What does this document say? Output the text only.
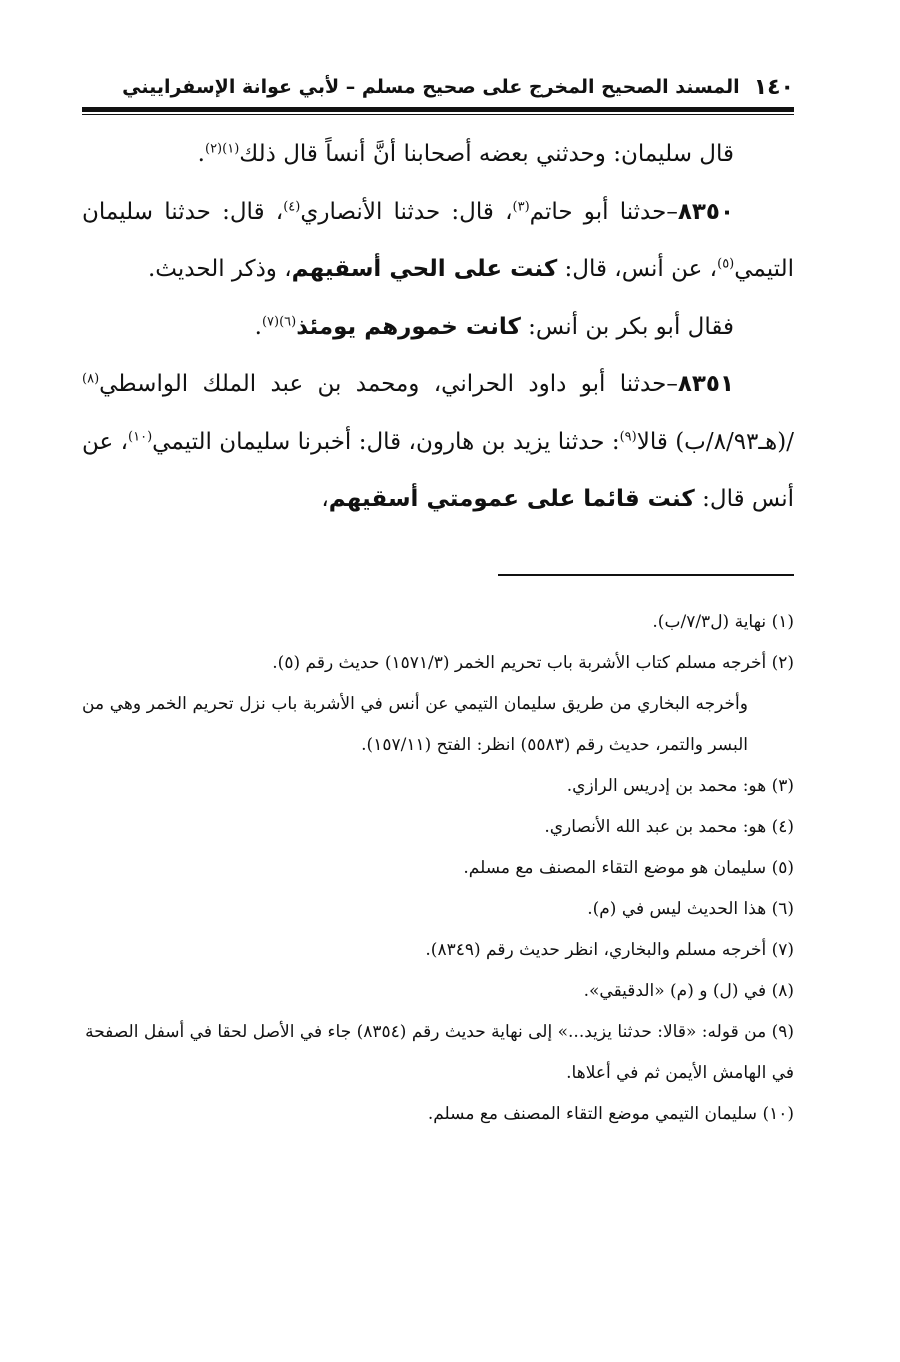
١٤٠
المسند الصحيح المخرج على صحيح مسلم – لأبي عوانة الإسفراييني

قال سليمان: وحدثني بعضه أصحابنا أنَّ أنساً قال ذلك$^{(١)(٢)}$.

٨٣٥٠–حدثنا أبو حاتم$^{(٣)}$، قال: حدثنا الأنصاري$^{(٤)}$، قال: حدثنا سليمان التيمي$^{(٥)}$، عن أنس، قال: كنت على الحي أسقيهم، وذكر الحديث.

فقال أبو بكر بن أنس: كانت خمورهم يومئذ$^{(٦)(٧)}$.

٨٣٥١–حدثنا أبو داود الحراني، ومحمد بن عبد الملك الواسطي$^{(٨)}$ /(هـ٨/٩٣/ب) قالا$^{(٩)}$: حدثنا يزيد بن هارون، قال: أخبرنا سليمان التيمي$^{(١٠)}$، عن أنس قال: كنت قائما على عمومتي أسقيهم،

(١) نهاية (ل٧/٣/ب).

(٢) أخرجه مسلم كتاب الأشربة باب تحريم الخمر (١٥٧١/٣) حديث رقم (٥).

وأخرجه البخاري من طريق سليمان التيمي عن أنس في الأشربة باب نزل تحريم الخمر وهي من البسر والتمر، حديث رقم (٥٥٨٣) انظر: الفتح (١٥٧/١١).

(٣) هو: محمد بن إدريس الرازي.

(٤) هو: محمد بن عبد الله الأنصاري.

(٥) سليمان هو موضع التقاء المصنف مع مسلم.

(٦) هذا الحديث ليس في (م).

(٧) أخرجه مسلم والبخاري، انظر حديث رقم (٨٣٤٩).

(٨) في (ل) و (م) «الدقيقي».

(٩) من قوله: «قالا: حدثنا يزيد...» إلى نهاية حديث رقم (٨٣٥٤) جاء في الأصل لحقا في أسفل الصفحة في الهامش الأيمن ثم في أعلاها.

(١٠) سليمان التيمي موضع التقاء المصنف مع مسلم.
